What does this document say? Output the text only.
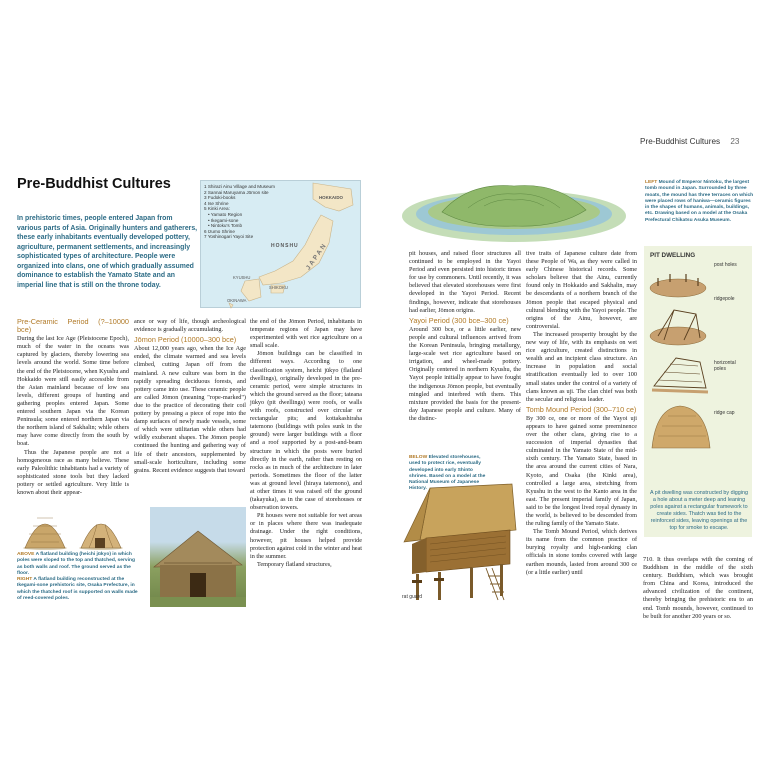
Pre-Buddhist Cultures 23
Pre-Buddhist Cultures
In prehistoric times, people entered Japan from various parts of Asia. Originally hunters and gatherers, these early inhabitants eventually developed pottery, agriculture, permanent settlements, and increasingly sophisticated types of architecture. People were organized into clans, one of which gradually assumed dominance to establish the Yamato State and an imperial line that is still on the throne today.
1 Shirazi Ainu Village and Museum
2 Sannai Maruyama Jōmon site
3 Fudoki-books
4 Ise Shrine
5 Kinki Area:
• Yamato Region
• Ikegami-sone
• Nintoku's Tomb
6 Izumo Shrine
7 Yoshinogari Yayoi Site
HOKKAIDO
HONSHU JAPAN
SHIKOKU
KYUSHU
OKINAWA
Pre-Ceramic Period (?–10000 bce)

During the last Ice Age (Pleistocene Epoch), much of the water in the oceans was captured by glaciers, thereby lowering sea levels around the world. Some time before the end of the Pleistocene, when Kyushu and Hokkaido were still easily accessible from the Asian mainland because of low sea levels, different groups of hunting and gathering peoples entered Japan. Some entered southern Japan via the Korean Peninsula; some entered northern Japan via the northern island of Sakhalin; while others may have come directly from the south by boat.

Thus the Japanese people are not a homogeneous race as many believe. These early Paleolithic inhabitants had a variety of sophisticated stone tools but they lacked pottery or settled agriculture. Very little is known about their appear-

ance or way of life, though archeological evidence is gradually accumulating.

Jōmon Period (10000–300 bce)

About 12,000 years ago, when the Ice Age ended, the climate warmed and sea levels climbed, cutting Japan off from the mainland. A new culture was born in the rapidly spreading deciduous forests, and pottery came into use. These ceramic people are called Jōmon (meaning "rope-marked") due to the practice of decorating their coil pottery by pressing a piece of rope into the damp surfaces of newly made vessels, some of which were utilitarian while others had wildly exuberant shapes. The Jōmon people continued the hunting and gathering way of life of their ancestors, supplemented by small-scale horticulture, including some grains. Recent evidence suggests that toward

the end of the Jōmon Period, inhabitants in temperate regions of Japan may have experimented with wet rice agriculture on a small scale.

Jōmon buildings can be classified in different ways. According to one classification system, heichi jūkyo (flatland dwellings), originally developed in the pre-ceramic period, were simple structures in which the ground served as the floor; tateana jūkyo (pit dwellings) were roofs, or walls with roofs, constructed over circular or rectangular pits; and kottakashiraha tatemono (buildings with poles sunk in the ground) were larger buildings with a floor and a roof supported by a post-and-beam structure in which the posts were buried directly in the earth, rather than resting on rocks as in much of the architecture in later periods. Sometimes the floor of the latter was at ground level (hiraya tatemono), and at other times it was raised off the ground (takayuka), as in the case of storehouses or observation towers.

Pit houses were not suitable for wet areas or in places where there was inadequate drainage. Under the right conditions, however, pit houses helped provide protection against cold in the winter and heat in the summer.

Temporary flatland structures,

ABOVE A flatland building (heichi jūkyo) in which poles were sloped to the top and thatched, serving as both walls and roof. The ground served as the floor.
RIGHT A flatland building reconstructed at the Ikegami-sone prehistoric site, Osaka Prefecture, in which the thatched roof is supported on walls made of reed-covered poles.
LEFT Mound of Emperor Nintoku, the largest tomb mound in Japan. Surrounded by three moats, the mound has three terraces on which were placed rows of haniwa—ceramic figures in the shapes of humans, animals, buildings, etc. Drawing based on a model at the Osaka Prefectural Chikatsu Asuka Museum.

pit houses, and raised floor structures all continued to be employed in the Yayoi Period and even persisted into historic times for use by commoners. Until recently, it was believed that elevated storehouses were first developed in the Yayoi Period. Recent findings, however, indicate that storehouses had earlier, Jōmon origins.

Yayoi Period (300 bce–300 ce)

Around 300 bce, or a little earlier, new people and cultural influences arrived from the Korean Peninsula, bringing metallurgy, large-scale wet rice agriculture based on irrigation, and wheel-made pottery. Originally centered in northern Kyushu, the Yayoi people initially appear to have fought the indigenous Jōmon people, but eventually mingled and interbred with them. This mixture provided the basis for the present-day Japanese people and culture. Many of the distinc-

tive traits of Japanese culture date from these People of Wa, as they were called in early Chinese historical records. Some scholars believe that the Ainu, currently found only in Hokkaido and Sakhalin, may be descendants of a northern branch of the Jōmon people that escaped physical and cultural blending with the Yayoi people. The origins of the Ainu, however, are controversial.

The increased prosperity brought by the new way of life, with its emphasis on wet rice agriculture, created distinctions in wealth and an incipient class structure. An increase in population and social stratification eventually led to over 100 small states under the control of a variety of clans known as uji. The clan chief was both the secular and religious leader.

Tomb Mound Period (300–710 ce)

By 300 ce, one or more of the Yayoi uji appears to have gained some preeminence over the other clans, giving rise to a succession of imperial dynasties that culminated in the Yamato State of the mid-sixth century. The Yamato State, based in the area around the current cities of Nara, Kyoto, and Osaka (the Kinki area), controlled a large area, stretching from Kyushu in the west to the Kanto area in the east. The present imperial family of Japan, said to be the longest lived royal dynasty in the world, is believed to be descended from the ruling family of the Yamato State.

The Tomb Mound Period, which derives its name from the common practice of burying royalty and high-ranking clan officials in stone tombs covered with large earthen mounds, lasted from around 300 ce (or a little earlier) until

710. It thus overlaps with the coming of Buddhism in the middle of the sixth century. Buddhism, which was brought from China and Korea, introduced the advanced civilization of the continent, thereby bringing the prehistoric era to an end. Tomb mounds, however, continued to be built for another 200 years or so.

BELOW Elevated storehouses, used to protect rice, eventually developed into early Shinto shrines. Based on a model at the National Museum of Japanese History.
rat guard
PIT DWELLING
post holes
ridgepole
horizontal poles
ridge cap
A pit dwelling was constructed by digging a hole about a meter deep and leaning poles against a rectangular framework to create sides. Thatch was tied to the reinforced sides, leaving openings at the top for smoke to escape.
